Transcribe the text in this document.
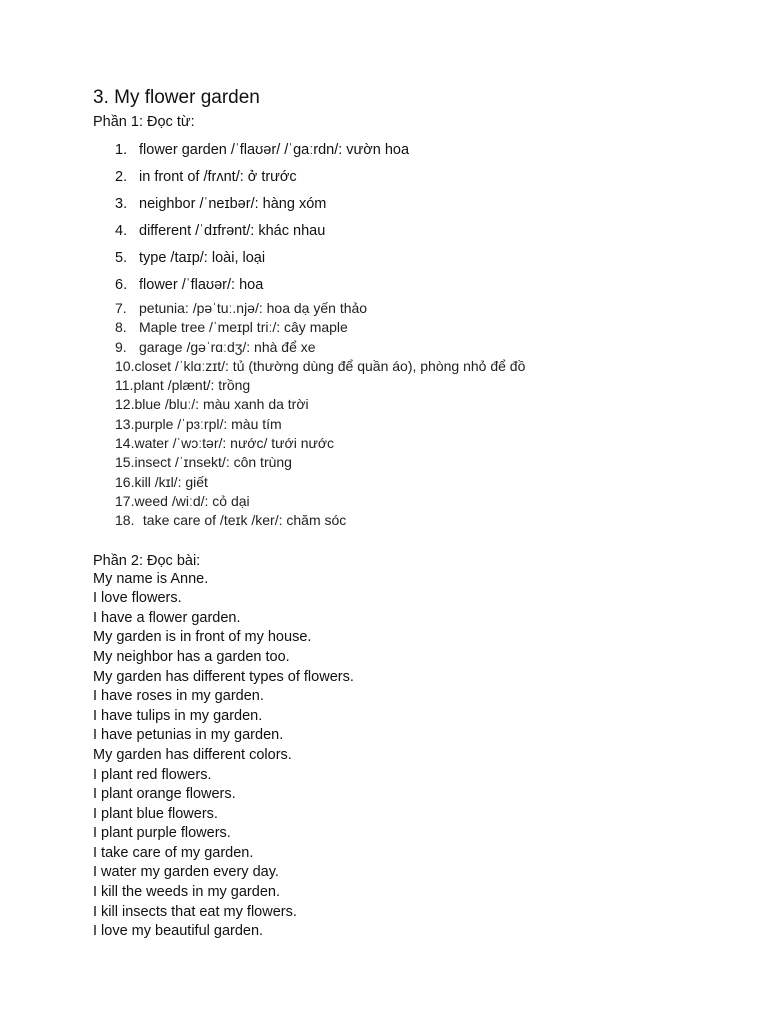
3. My flower garden

Phần 1: Đọc từ:

1. flower garden /ˈflaʊər/ /ˈɡaːrdn/: vườn hoa
2. in front of /frʌnt/: ở trước
3. neighbor /ˈneɪbər/: hàng xóm
4. different /ˈdɪfrənt/: khác nhau
5. type /taɪp/: loài, loại
6. flower /ˈflaʊər/: hoa
7. petunia: /pəˈtuː.njə/: hoa dạ yến thảo
8. Maple tree /ˈmeɪpl triː/: cây maple
9. garage /ɡəˈrɑːdʒ/: nhà để xe
10.closet /ˈklɑːzɪt/: tủ (thường dùng để quần áo), phòng nhỏ để đồ
11.plant /plænt/: trồng
12.blue /bluː/: màu xanh da trời
13.purple /ˈpɜːrpl/: màu tím
14.water /ˈwɔːtər/: nước/ tưới nước
15.insect /ˈɪnsekt/: côn trùng
16.kill /kɪl/: giết
17.weed /wiːd/: cỏ dại
18. take care of /teɪk /ker/: chăm sóc

Phần 2: Đọc bài:

My name is Anne.

I love flowers.

I have a flower garden.

My garden is in front of my house.

My neighbor has a garden too.

My garden has different types of flowers.

I have roses in my garden.

I have tulips in my garden.

I have petunias in my garden.

My garden has different colors.

I plant red flowers.

I plant orange flowers.

I plant blue flowers.

I plant purple flowers.

I take care of my garden.

I water my garden every day.

I kill the weeds in my garden.

I kill insects that eat my flowers.

I love my beautiful garden.
